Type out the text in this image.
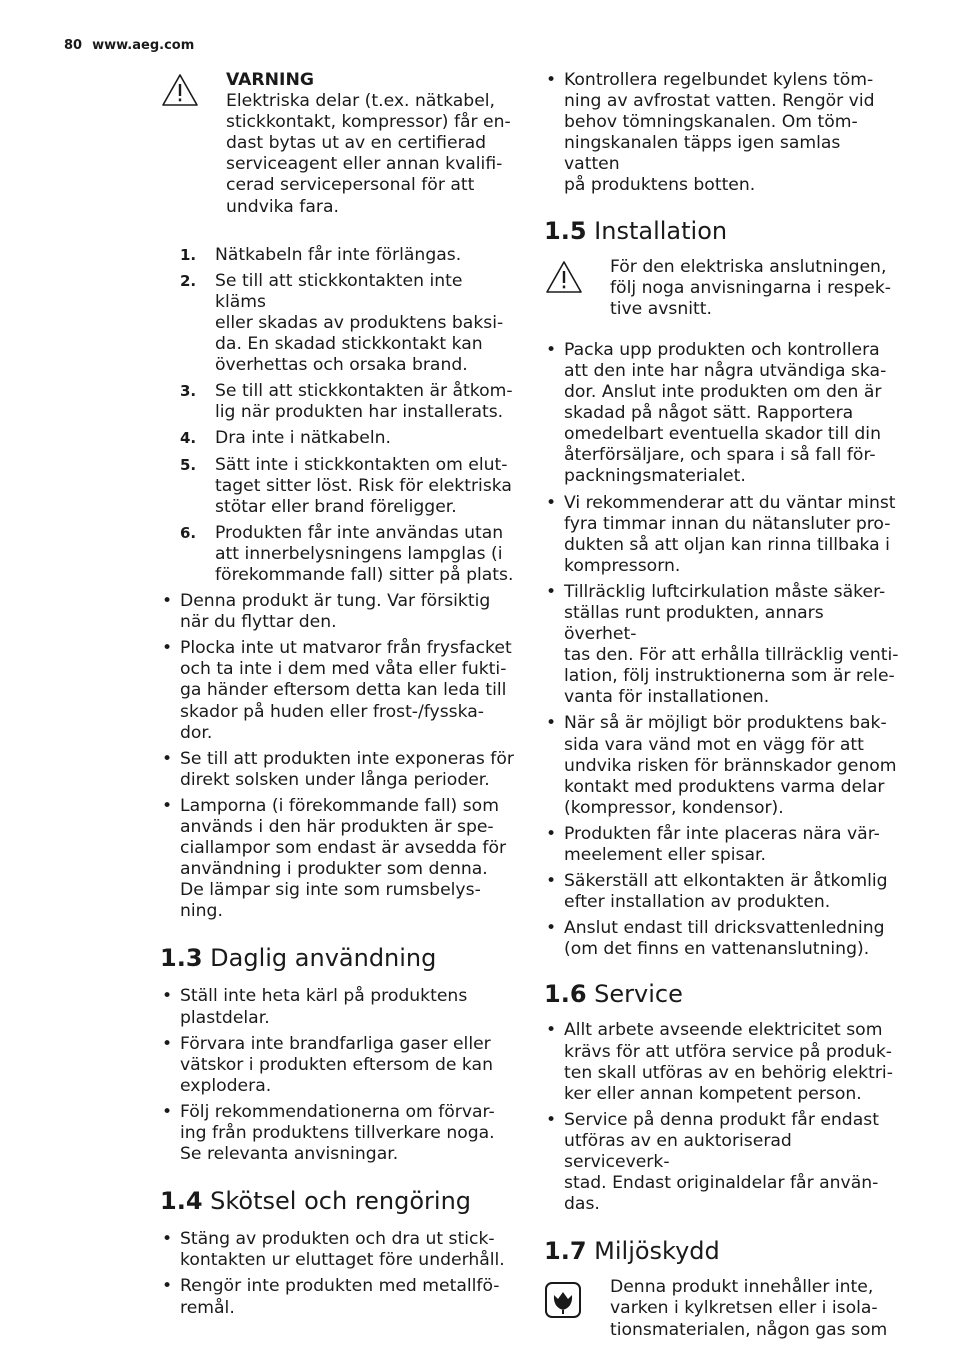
80 www.aeg.com
VARNING
Elektriska delar (t.ex. nätkabel,
stickkontakt, kompressor) får en-
dast bytas ut av en certifierad
serviceagent eller annan kvalifi-
cerad servicepersonal för att
undvika fara.
1. Nätkabeln får inte förlängas.
2. Se till att stickkontakten inte kläms
eller skadas av produktens baksi-
da. En skadad stickkontakt kan
överhettas och orsaka brand.
3. Se till att stickkontakten är åtkom-
lig när produkten har installerats.
4. Dra inte i nätkabeln.
5. Sätt inte i stickkontakten om elut-
taget sitter löst. Risk för elektriska
stötar eller brand föreligger.
6. Produkten får inte användas utan
att innerbelysningens lampglas (i
förekommande fall) sitter på plats.
• Denna produkt är tung. Var försiktig
när du flyttar den.
• Plocka inte ut matvaror från frysfacket
och ta inte i dem med våta eller fukti-
ga händer eftersom detta kan leda till
skador på huden eller frost-/fysska-
dor.
• Se till att produkten inte exponeras för
direkt solsken under långa perioder.
• Lamporna (i förekommande fall) som
används i den här produkten är spe-
ciallampor som endast är avsedda för
användning i produkter som denna.
De lämpar sig inte som rumsbelys-
ning.
1.3 Daglig användning
• Ställ inte heta kärl på produktens
plastdelar.
• Förvara inte brandfarliga gaser eller
vätskor i produkten eftersom de kan
explodera.
• Följ rekommendationerna om förvar-
ing från produktens tillverkare noga.
Se relevanta anvisningar.
1.4 Skötsel och rengöring
• Stäng av produkten och dra ut stick-
kontakten ur eluttaget före underhåll.
• Rengör inte produkten med metallfö-
remål.
• Kontrollera regelbundet kylens töm-
ning av avfrostat vatten. Rengör vid
behov tömningskanalen. Om töm-
ningskanalen täpps igen samlas vatten
på produktens botten.
1.5 Installation
För den elektriska anslutningen,
följ noga anvisningarna i respek-
tive avsnitt.
• Packa upp produkten och kontrollera
att den inte har några utvändiga ska-
dor. Anslut inte produkten om den är
skadad på något sätt. Rapportera
omedelbart eventuella skador till din
återförsäljare, och spara i så fall för-
packningsmaterialet.
• Vi rekommenderar att du väntar minst
fyra timmar innan du nätansluter pro-
dukten så att oljan kan rinna tillbaka i
kompressorn.
• Tillräcklig luftcirkulation måste säker-
ställas runt produkten, annars överhet-
tas den. För att erhålla tillräcklig venti-
lation, följ instruktionerna som är rele-
vanta för installationen.
• När så är möjligt bör produktens bak-
sida vara vänd mot en vägg för att
undvika risken för brännskador genom
kontakt med produktens varma delar
(kompressor, kondensor).
• Produkten får inte placeras nära vär-
meelement eller spisar.
• Säkerställ att elkontakten är åtkomlig
efter installation av produkten.
• Anslut endast till dricksvattenledning
(om det finns en vattenanslutning).
1.6 Service
• Allt arbete avseende elektricitet som
krävs för att utföra service på produk-
ten skall utföras av en behörig elektri-
ker eller annan kompetent person.
• Service på denna produkt får endast
utföras av en auktoriserad serviceverk-
stad. Endast originaldelar får använ-
das.
1.7 Miljöskydd
Denna produkt innehåller inte,
varken i kylkretsen eller i isola-
tionsmaterialen, någon gas som
